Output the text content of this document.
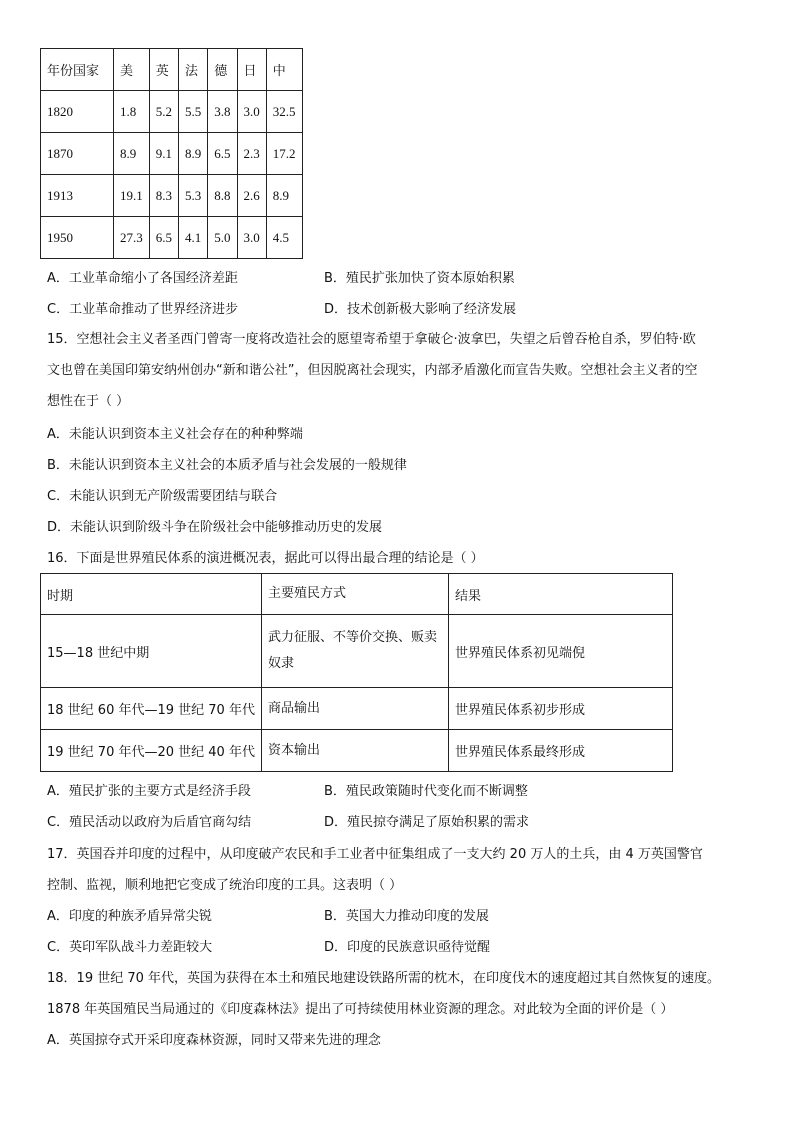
年份国家	美	英	法	德	日	中
1820	1.8	5.2	5.5	3.8	3.0	32.5
1870	8.9	9.1	8.9	6.5	2.3	17.2
1913	19.1	8.3	5.3	8.8	2.6	8.9
1950	27.3	6.5	4.1	5.0	3.0	4.5
A．工业革命缩小了各国经济差距	B．殖民扩张加快了资本原始积累
C．工业革命推动了世界经济进步	D．技术创新极大影响了经济发展
15．空想社会主义者圣西门曾寄一度将改造社会的愿望寄希望于拿破仑·波拿巴，失望之后曾吞枪自杀，罗伯特·欧
文也曾在美国印第安纳州创办“新和谐公社”，但因脱离社会现实，内部矛盾激化而宣告失败。空想社会主义者的空
想性在于（ ）
A．未能认识到资本主义社会存在的种种弊端
B．未能认识到资本主义社会的本质矛盾与社会发展的一般规律
C．未能认识到无产阶级需要团结与联合
D．未能认识到阶级斗争在阶级社会中能够推动历史的发展
16．下面是世界殖民体系的演进概况表，据此可以得出最合理的结论是（ ）
时期	主要殖民方式	结果
15—18 世纪中期	武力征服、不等价交换、贩卖奴隶	世界殖民体系初见端倪
18 世纪 60 年代—19 世纪 70 年代	商品输出	世界殖民体系初步形成
19 世纪 70 年代—20 世纪 40 年代	资本输出	世界殖民体系最终形成
A．殖民扩张的主要方式是经济手段	B．殖民政策随时代变化而不断调整
C．殖民活动以政府为后盾官商勾结	D．殖民掠夺满足了原始积累的需求
17．英国吞并印度的过程中，从印度破产农民和手工业者中征集组成了一支大约 20 万人的土兵，由 4 万英国警官
控制、监视，顺利地把它变成了统治印度的工具。这表明（ ）
A．印度的种族矛盾异常尖锐	B．英国大力推动印度的发展
C．英印军队战斗力差距较大	D．印度的民族意识亟待觉醒
18．19 世纪 70 年代，英国为获得在本土和殖民地建设铁路所需的枕木，在印度伐木的速度超过其自然恢复的速度。
1878 年英国殖民当局通过的《印度森林法》提出了可持续使用林业资源的理念。对此较为全面的评价是（ ）
A．英国掠夺式开采印度森林资源，同时又带来先进的理念
